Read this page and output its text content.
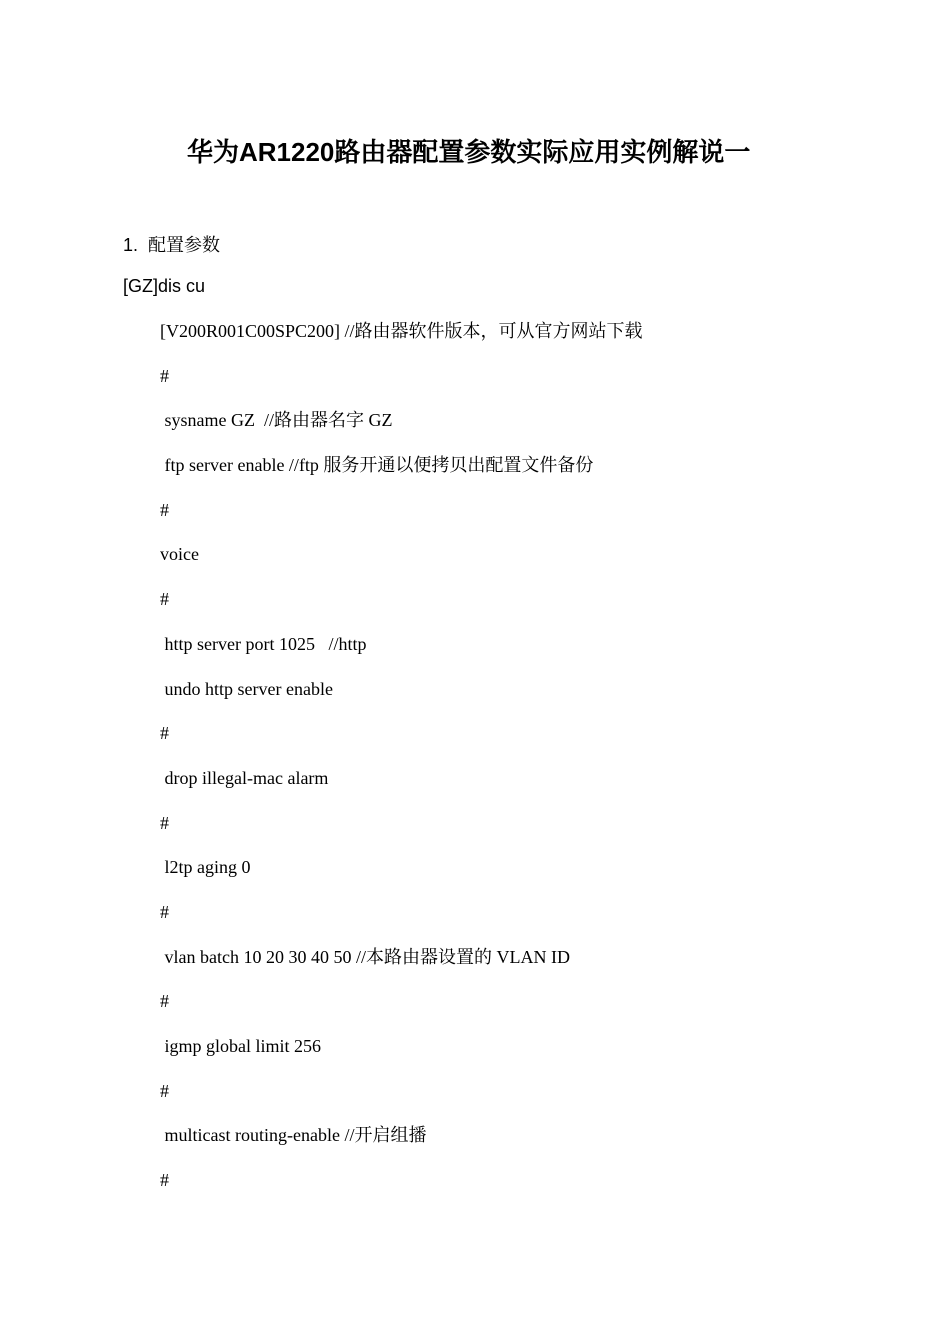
华为AR1220路由器配置参数实际应用实例解说一
1. 配置参数
[GZ]dis cu
[V200R001C00SPC200] //路由器软件版本，可从官方网站下载
#
sysname GZ  //路由器名字 GZ
ftp server enable //ftp 服务开通以便拷贝出配置文件备份
#
voice
#
http server port 1025   //http
undo http server enable
#
drop illegal-mac alarm
#
l2tp aging 0
#
vlan batch 10 20 30 40 50 //本路由器设置的 VLAN ID
#
igmp global limit 256
#
multicast routing-enable //开启组播
#
